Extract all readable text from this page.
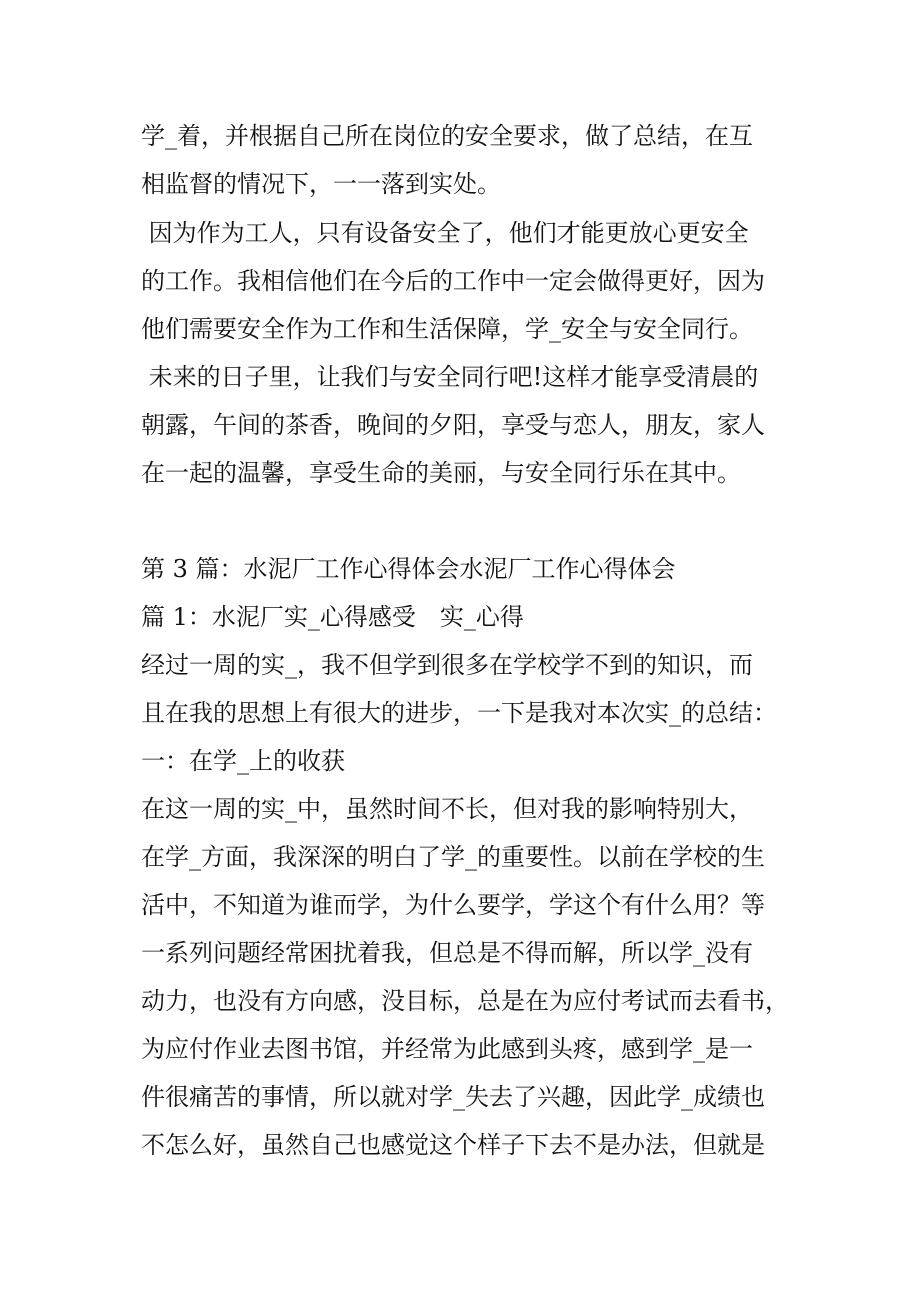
学_着，并根据自己所在岗位的安全要求，做了总结，在互

相监督的情况下，一一落到实处。

因为作为工人，只有设备安全了，他们才能更放心更安全

的工作。我相信他们在今后的工作中一定会做得更好，因为

他们需要安全作为工作和生活保障，学_安全与安全同行。

未来的日子里，让我们与安全同行吧!这样才能享受清晨的

朝露，午间的茶香，晚间的夕阳，享受与恋人，朋友，家人

在一起的温馨，享受生命的美丽，与安全同行乐在其中。

第 3 篇：水泥厂工作心得体会水泥厂工作心得体会

篇 1：水泥厂实_心得感受　实_心得

经过一周的实_，我不但学到很多在学校学不到的知识，而

且在我的思想上有很大的进步，一下是我对本次实_的总结：

一：在学_上的收获

在这一周的实_中，虽然时间不长，但对我的影响特别大，

在学_方面，我深深的明白了学_的重要性。以前在学校的生

活中，不知道为谁而学，为什么要学，学这个有什么用？等

一系列问题经常困扰着我，但总是不得而解，所以学_没有

动力，也没有方向感，没目标，总是在为应付考试而去看书，

为应付作业去图书馆，并经常为此感到头疼，感到学_是一

件很痛苦的事情，所以就对学_失去了兴趣，因此学_成绩也

不怎么好，虽然自己也感觉这个样子下去不是办法，但就是
